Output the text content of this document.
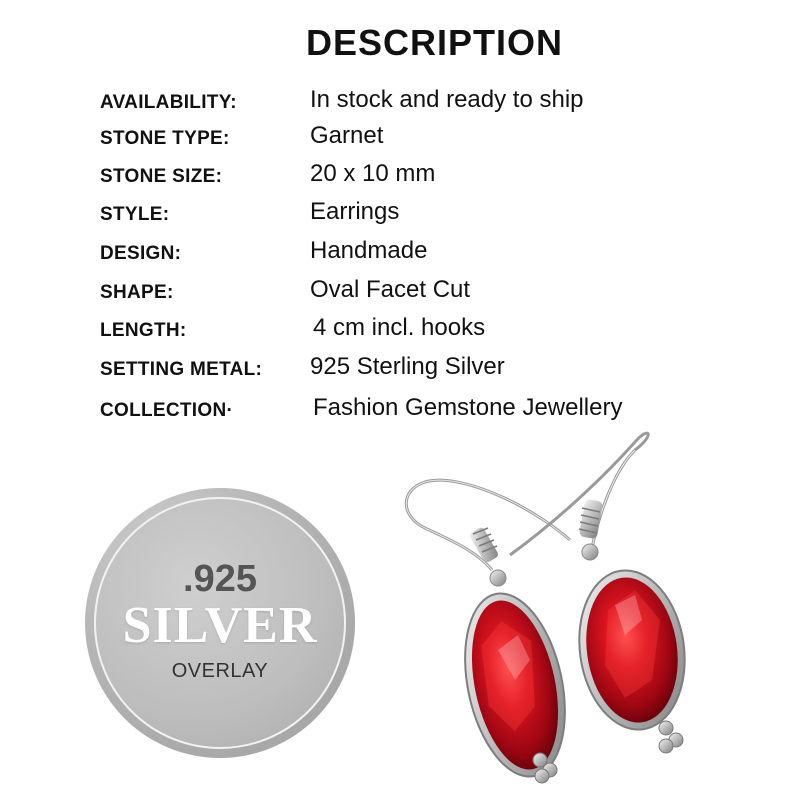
DESCRIPTION
AVAILABILITY:	In stock and ready to ship
STONE TYPE:	Garnet
STONE SIZE:	20 x 10 mm
STYLE:	Earrings
DESIGN:	Handmade
SHAPE:	Oval Facet Cut
LENGTH:	4 cm incl. hooks
SETTING METAL: 925 Sterling Silver
COLLECTION·	Fashion Gemstone Jewellery
.925
SILVER
OVERLAY
